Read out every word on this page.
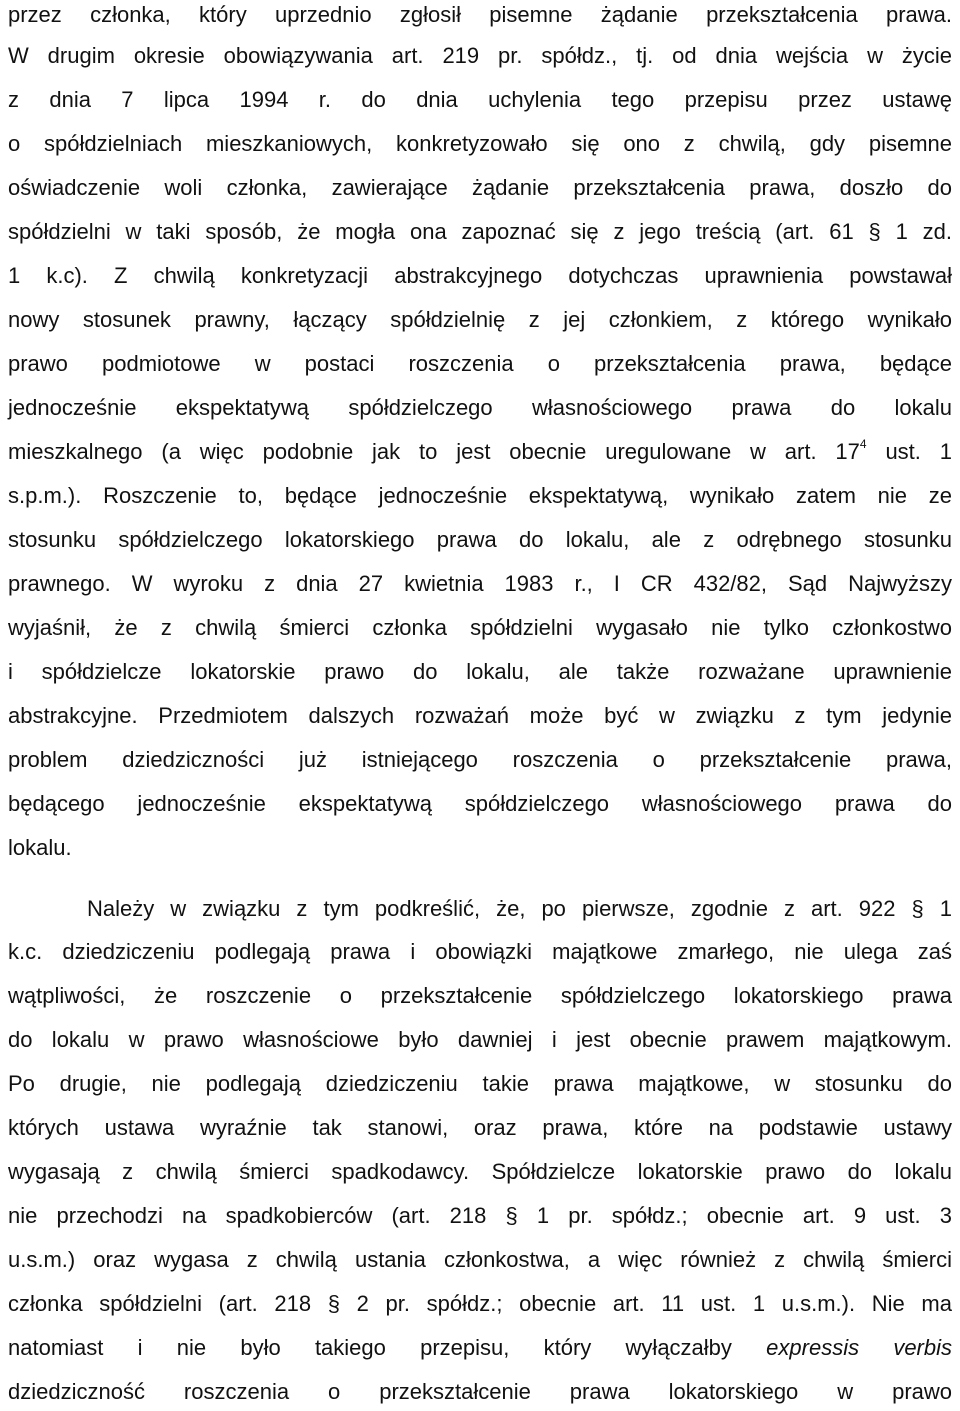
przez członka, który uprzednio zgłosił pisemne żądanie przekształcenia prawa.
W drugim okresie obowiązywania art. 219 pr. spółdz., tj. od dnia wejścia w życie
z dnia 7 lipca 1994 r. do dnia uchylenia tego przepisu przez ustawę
o spółdzielniach mieszkaniowych, konkretyzowało się ono z chwilą, gdy pisemne
oświadczenie woli członka, zawierające żądanie przekształcenia prawa, doszło do
spółdzielni w taki sposób, że mogła ona zapoznać się z jego treścią (art. 61 § 1 zd.
1 k.c). Z chwilą konkretyzacji abstrakcyjnego dotychczas uprawnienia powstawał
nowy stosunek prawny, łączący spółdzielnię z jej członkiem, z którego wynikało
prawo podmiotowe w postaci roszczenia o przekształcenia prawa, będące
jednocześnie ekspektatywą spółdzielczego własnościowego prawa do lokalu
mieszkalnego (a więc podobnie jak to jest obecnie uregulowane w art. 17$^4$ ust. 1
s.p.m.). Roszczenie to, będące jednocześnie ekspektatywą, wynikało zatem nie ze
stosunku spółdzielczego lokatorskiego prawa do lokalu, ale z odrębnego stosunku
prawnego. W wyroku z dnia 27 kwietnia 1983 r., I CR 432/82, Sąd Najwyższy
wyjaśnił, że z chwilą śmierci członka spółdzielni wygasało nie tylko członkostwo
i spółdzielcze lokatorskie prawo do lokalu, ale także rozważane uprawnienie
abstrakcyjne. Przedmiotem dalszych rozważań może być w związku z tym jedynie
problem dziedziczności już istniejącego roszczenia o przekształcenie prawa,
będącego jednocześnie ekspektatywą spółdzielczego własnościowego prawa do
lokalu.
Należy w związku z tym podkreślić, że, po pierwsze, zgodnie z art. 922 § 1
k.c. dziedziczeniu podlegają prawa i obowiązki majątkowe zmarłego, nie ulega zaś
wątpliwości, że roszczenie o przekształcenie spółdzielczego lokatorskiego prawa
do lokalu w prawo własnościowe było dawniej i jest obecnie prawem majątkowym.
Po drugie, nie podlegają dziedziczeniu takie prawa majątkowe, w stosunku do
których ustawa wyraźnie tak stanowi, oraz prawa, które na podstawie ustawy
wygasają z chwilą śmierci spadkodawcy. Spółdzielcze lokatorskie prawo do lokalu
nie przechodzi na spadkobierców (art. 218 § 1 pr. spółdz.; obecnie art. 9 ust. 3
u.s.m.) oraz wygasa z chwilą ustania członkostwa, a więc również z chwilą śmierci
członka spółdzielni (art. 218 § 2 pr. spółdz.; obecnie art. 11 ust. 1 u.s.m.). Nie ma
natomiast i nie było takiego przepisu, który wyłączałby expressis verbis
dziedziczność roszczenia o przekształcenie prawa lokatorskiego w prawo
